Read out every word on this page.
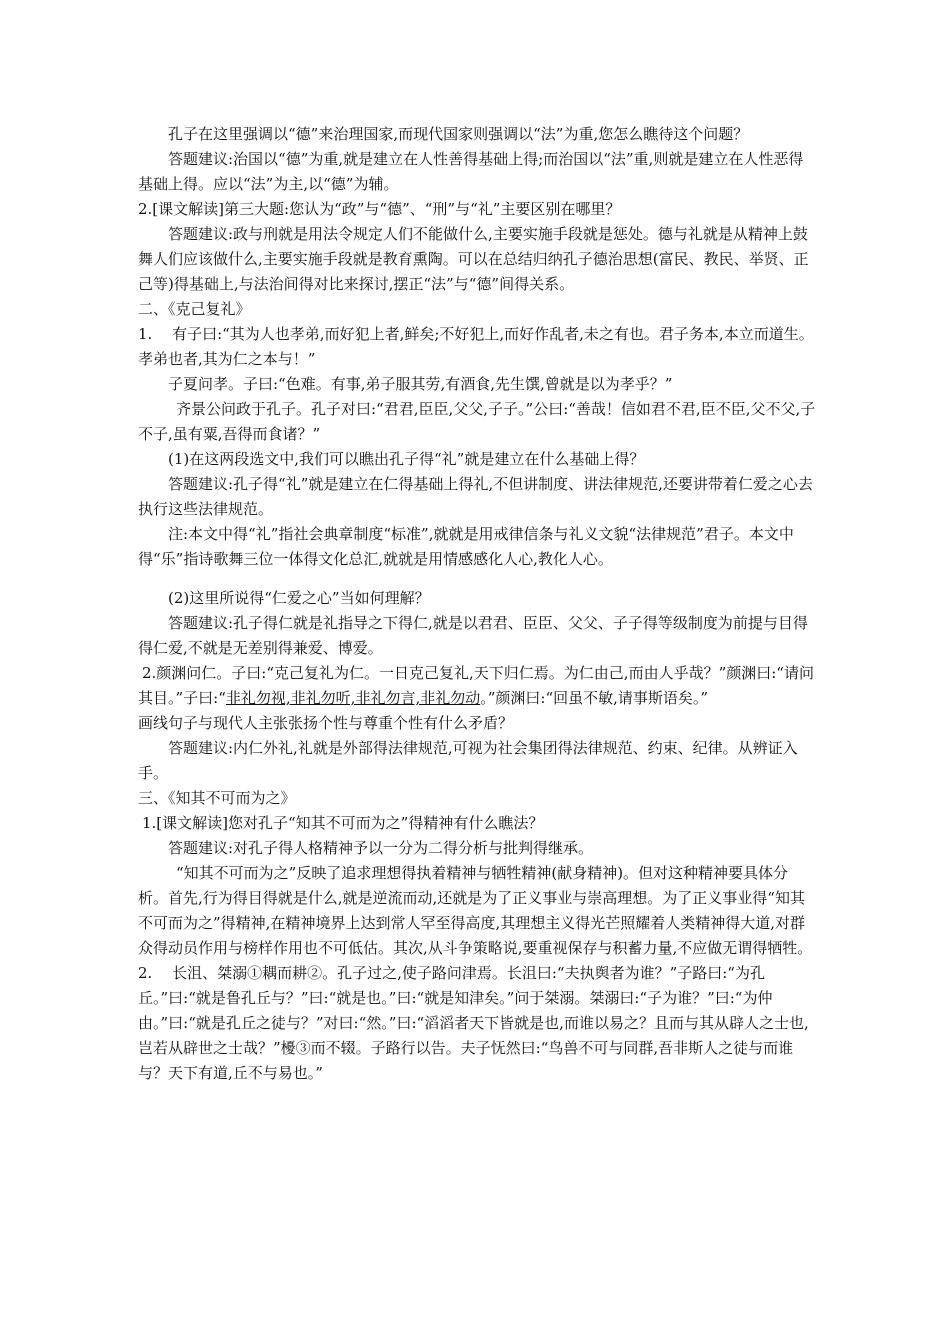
孔子在这里强调以“德”来治理国家,而现代国家则强调以“法”为重,您怎么瞧待这个问题？

答题建议:治国以“德”为重,就是建立在人性善得基础上得;而治国以“法”重,则就是建立在人性恶得基础上得。应以“法”为主,以“德”为辅。

2.[课文解读]第三大题:您认为“政”与“德”、“刑”与“礼”主要区别在哪里？

答题建议:政与刑就是用法令规定人们不能做什么,主要实施手段就是惩处。德与礼就是从精神上鼓舞人们应该做什么,主要实施手段就是教育熏陶。可以在总结归纳孔子德治思想(富民、教民、举贤、正己等)得基础上,与法治间得对比来探讨,摆正“法”与“德”间得关系。

二、《克己复礼》

1.　 有子曰:“其为人也孝弟,而好犯上者,鲜矣;不好犯上,而好作乱者,未之有也。君子务本,本立而道生。孝弟也者,其为仁之本与！”

子夏问孝。子曰:“色难。有事,弟子服其劳,有酒食,先生馔,曾就是以为孝乎？”

齐景公问政于孔子。孔子对曰:“君君,臣臣,父父,子子。”公曰:“善哉！信如君不君,臣不臣,父不父,子不子,虽有粟,吾得而食诸？”

(1)在这两段选文中,我们可以瞧出孔子得“礼”就是建立在什么基础上得？

答题建议:孔子得“礼”就是建立在仁得基础上得礼,不但讲制度、讲法律规范,还要讲带着仁爱之心去执行这些法律规范。

注:本文中得“礼”指社会典章制度“标准”,就就是用戒律信条与礼义文貌“法律规范”君子。本文中得“乐”指诗歌舞三位一体得文化总汇,就就是用情感感化人心,教化人心。

(2)这里所说得“仁爱之心”当如何理解？

答题建议:孔子得仁就是礼指导之下得仁,就是以君君、臣臣、父父、子子得等级制度为前提与目得得仁爱,不就是无差别得兼爱、博爱。

2.颜渊问仁。子曰:“克己复礼为仁。一日克己复礼,天下归仁焉。为仁由己,而由人乎哉？”颜渊曰:“请问其目。”子曰:“非礼勿视,非礼勿听,非礼勿言,非礼勿动。”颜渊曰:“回虽不敏,请事斯语矣。”

画线句子与现代人主张张扬个性与尊重个性有什么矛盾？

答题建议:内仁外礼,礼就是外部得法律规范,可视为社会集团得法律规范、约束、纪律。从辨证入手。

三、《知其不可而为之》

1.[课文解读]您对孔子“知其不可而为之”得精神有什么瞧法？

答题建议:对孔子得人格精神予以一分为二得分析与批判得继承。

“知其不可而为之”反映了追求理想得执着精神与牺牲精神(献身精神)。但对这种精神要具体分析。首先,行为得目得就是什么,就是逆流而动,还就是为了正义事业与崇高理想。为了正义事业得“知其不可而为之”得精神,在精神境界上达到常人罕至得高度,其理想主义得光芒照耀着人类精神得大道,对群众得动员作用与榜样作用也不可低估。其次,从斗争策略说,要重视保存与积蓄力量,不应做无谓得牺牲。

2.　 长沮、桀溺①耦而耕②。孔子过之,使子路问津焉。长沮曰:“夫执舆者为谁？”子路曰:“为孔丘。”曰:“就是鲁孔丘与？”曰:“就是也。”曰:“就是知津矣。”问于桀溺。桀溺曰:“子为谁？”曰:“为仲由。”曰:“就是孔丘之徒与？”对曰:“然。”曰:“滔滔者天下皆就是也,而谁以易之？且而与其从辟人之士也,岂若从辟世之士哉？”櫌③而不辍。子路行以告。夫子怃然曰:“鸟兽不可与同群,吾非斯人之徒与而谁与？天下有道,丘不与易也。”
